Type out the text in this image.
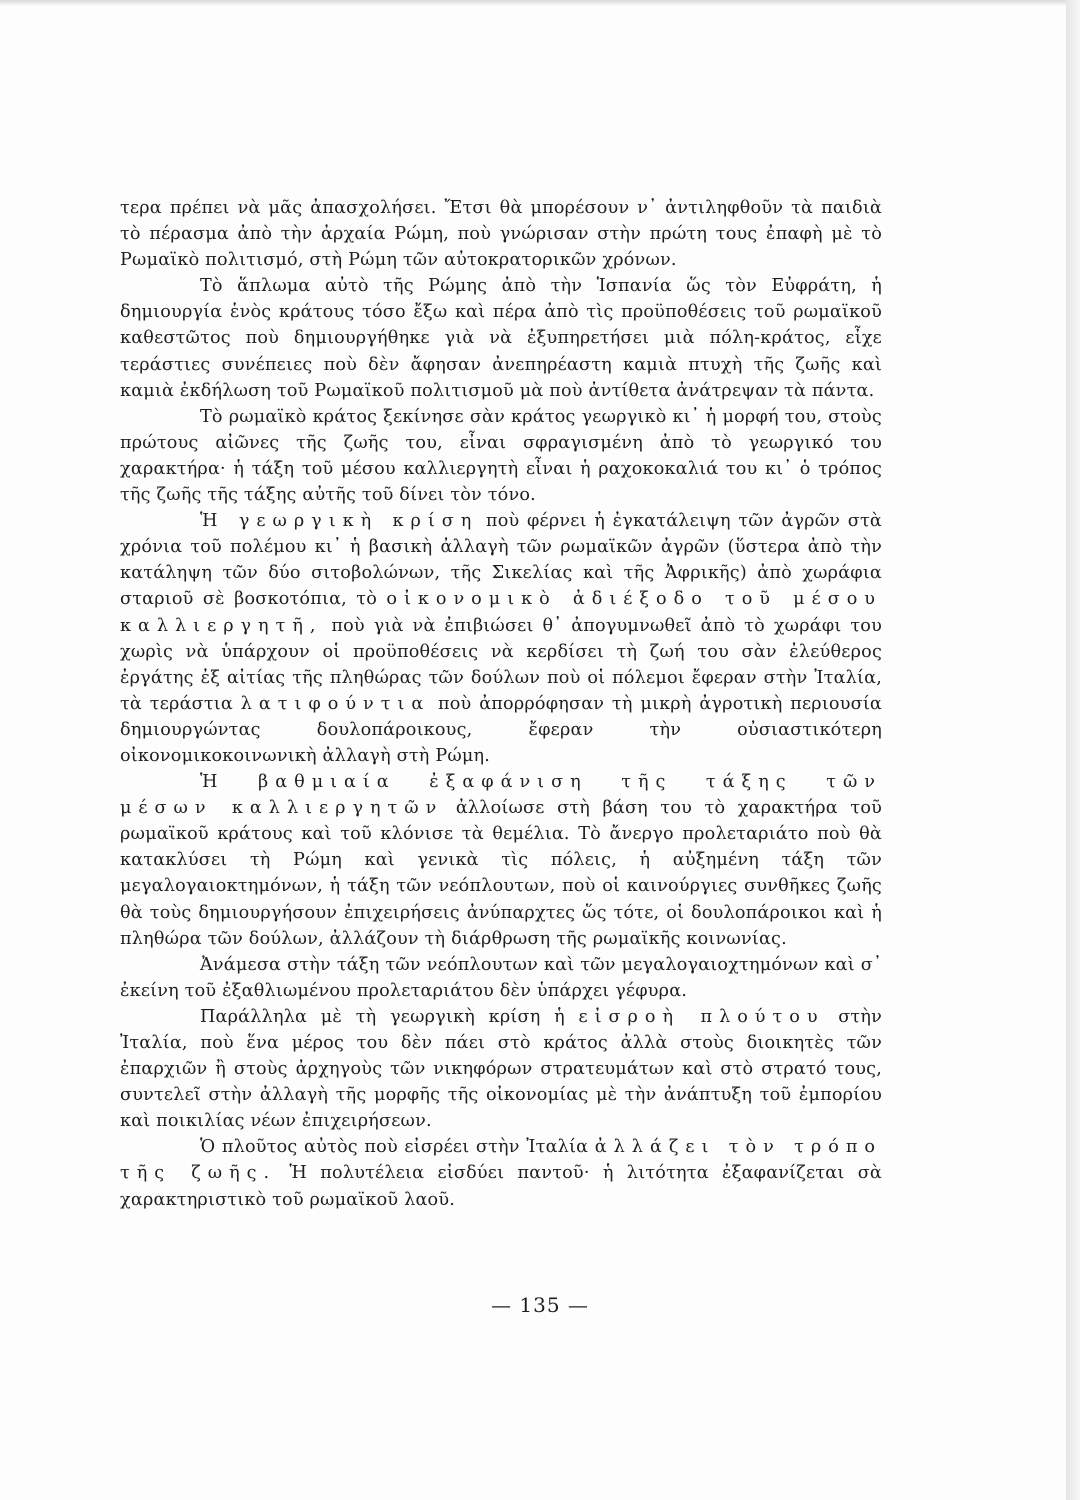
τερα πρέπει νὰ μᾶς ἀπασχολήσει. Ἔτσι θὰ μπορέσουν ν᾽ ἀντιληφθοῦν τὰ παιδιὰ τὸ πέρασμα ἀπὸ τὴν ἀρχαία Ρώμη, ποὺ γνώρισαν στὴν πρώτη τους ἐπαφὴ μὲ τὸ Ρωμαϊκὸ πολιτισμό, στὴ Ρώμη τῶν αὐτοκρατορικῶν χρόνων.

Τὸ ἅπλωμα αὐτὸ τῆς Ρώμης ἀπὸ τὴν Ἱσπανία ὥς τὸν Εὐφράτη, ἡ δημιουργία ἑνὸς κράτους τόσο ἔξω καὶ πέρα ἀπὸ τὶς προϋποθέσεις τοῦ ρωμαϊκοῦ καθεστῶτος ποὺ δημιουργήθηκε γιὰ νὰ ἐξυπηρετήσει μιὰ πόλη-κράτος, εἶχε τεράστιες συνέπειες ποὺ δὲν ἄφησαν ἀνεπηρέαστη καμιὰ πτυχὴ τῆς ζωῆς καὶ καμιὰ ἐκδήλωση τοῦ Ρωμαϊκοῦ πολιτισμοῦ μὰ ποὺ ἀντίθετα ἀνάτρεψαν τὰ πάντα.

Τὸ ρωμαϊκὸ κράτος ξεκίνησε σὰν κράτος γεωργικὸ κι᾽ ἡ μορφή του, στοὺς πρώτους αἰῶνες τῆς ζωῆς του, εἶναι σφραγισμένη ἀπὸ τὸ γεωργικό του χαρακτήρα· ἡ τάξη τοῦ μέσου καλλιεργητὴ εἶναι ἡ ραχοκοκαλιά του κι᾽ ὁ τρόπος τῆς ζωῆς τῆς τάξης αὐτῆς τοῦ δίνει τὸν τόνο.

Ἡ γεωργικὴ κρίση ποὺ φέρνει ἡ ἐγκατάλειψη τῶν ἀγρῶν στὰ χρόνια τοῦ πολέμου κι᾽ ἡ βασικὴ ἀλλαγὴ τῶν ρωμαϊκῶν ἀγρῶν (ὕστερα ἀπὸ τὴν κατάληψη τῶν δύο σιτοβολώνων, τῆς Σικελίας καὶ τῆς Ἀφρικῆς) ἀπὸ χωράφια σταριοῦ σὲ βοσκοτόπια, τὸ οἰκονομικὸ ἀδιέξοδο τοῦ μέσου καλλιεργητῆ, ποὺ γιὰ νὰ ἐπιβιώσει θ᾽ ἀπογυμνωθεῖ ἀπὸ τὸ χωράφι του χωρὶς νὰ ὑπάρχουν οἱ προϋποθέσεις νὰ κερδίσει τὴ ζωή του σὰν ἐλεύθερος ἐργάτης ἐξ αἰτίας τῆς πληθώρας τῶν δούλων ποὺ οἱ πόλεμοι ἔφεραν στὴν Ἰταλία, τὰ τεράστια λατιφούντια ποὺ ἀπορρόφησαν τὴ μικρὴ ἀγροτικὴ περιουσία δημιουργώντας δουλοπάροικους, ἔφεραν τὴν οὐσιαστικότερη οἰκονομικοκοινωνικὴ ἀλλαγὴ στὴ Ρώμη.

Ἡ βαθμιαία ἐξαφάνιση τῆς τάξης τῶν μέσων καλλιεργητῶν ἀλλοίωσε στὴ βάση του τὸ χαρακτήρα τοῦ ρωμαϊκοῦ κράτους καὶ τοῦ κλόνισε τὰ θεμέλια. Τὸ ἄνεργο προλεταριάτο ποὺ θὰ κατακλύσει τὴ Ρώμη καὶ γενικὰ τὶς πόλεις, ἡ αὐξημένη τάξη τῶν μεγαλογαιοκτημόνων, ἡ τάξη τῶν νεόπλουτων, ποὺ οἱ καινούργιες συνθῆκες ζωῆς θὰ τοὺς δημιουργήσουν ἐπιχειρήσεις ἀνύπαρχτες ὥς τότε, οἱ δουλοπάροικοι καὶ ἡ πληθώρα τῶν δούλων, ἀλλάζουν τὴ διάρθρωση τῆς ρωμαϊκῆς κοινωνίας.

Ἀνάμεσα στὴν τάξη τῶν νεόπλουτων καὶ τῶν μεγαλογαιοχτημόνων καὶ σ᾽ ἐκείνη τοῦ ἐξαθλιωμένου προλεταριάτου δὲν ὑπάρχει γέφυρα.

Παράλληλα μὲ τὴ γεωργικὴ κρίση ἡ εἰσροὴ πλούτου στὴν Ἰταλία, ποὺ ἕνα μέρος του δὲν πάει στὸ κράτος ἀλλὰ στοὺς διοικητὲς τῶν ἐπαρχιῶν ἢ στοὺς ἀρχηγοὺς τῶν νικηφόρων στρατευμάτων καὶ στὸ στρατό τους, συντελεῖ στὴν ἀλλαγὴ τῆς μορφῆς τῆς οἰκονομίας μὲ τὴν ἀνάπτυξη τοῦ ἐμπορίου καὶ ποικιλίας νέων ἐπιχειρήσεων.

Ὁ πλοῦτος αὐτὸς ποὺ εἰσρέει στὴν Ἰταλία ἀλλάζει τὸν τρόπο τῆς ζωῆς. Ἡ πολυτέλεια εἰσδύει παντοῦ· ἡ λιτότητα ἐξαφανίζεται σὰ χαρακτηριστικὸ τοῦ ρωμαϊκοῦ λαοῦ.

— 135 —
